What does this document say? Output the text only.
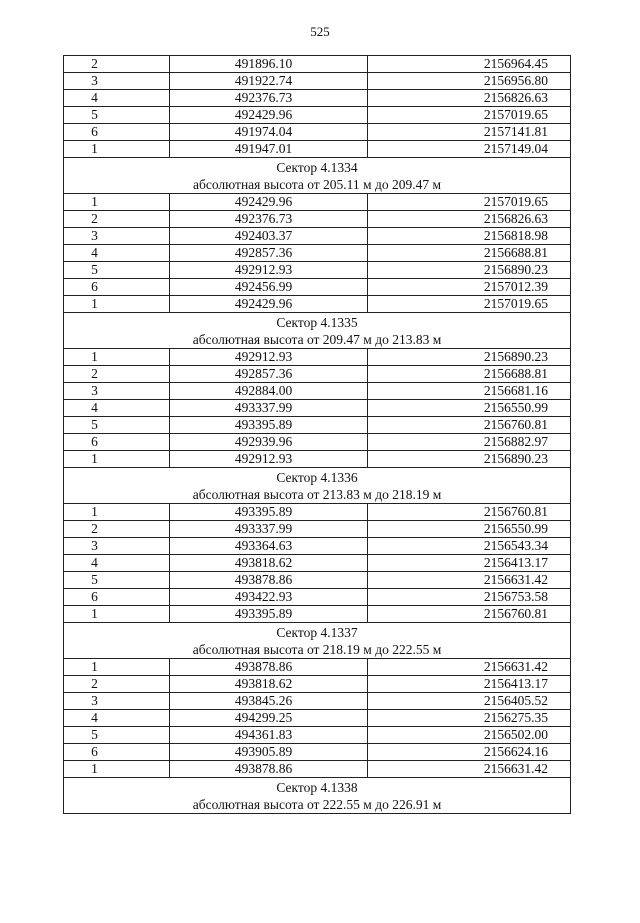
525
2	491896.10	2156964.45
3	491922.74	2156956.80
4	492376.73	2156826.63
5	492429.96	2157019.65
6	491974.04	2157141.81
1	491947.01	2157149.04

Сектор 4.1334
абсолютная высота от 205.11 м до 209.47 м		

1	492429.96	2157019.65
2	492376.73	2156826.63
3	492403.37	2156818.98
4	492857.36	2156688.81
5	492912.93	2156890.23
6	492456.99	2157012.39
1	492429.96	2157019.65

Сектор 4.1335
абсолютная высота от 209.47 м до 213.83 м		

1	492912.93	2156890.23
2	492857.36	2156688.81
3	492884.00	2156681.16
4	493337.99	2156550.99
5	493395.89	2156760.81
6	492939.96	2156882.97
1	492912.93	2156890.23

Сектор 4.1336
абсолютная высота от 213.83 м до 218.19 м		

1	493395.89	2156760.81
2	493337.99	2156550.99
3	493364.63	2156543.34
4	493818.62	2156413.17
5	493878.86	2156631.42
6	493422.93	2156753.58
1	493395.89	2156760.81

Сектор 4.1337
абсолютная высота от 218.19 м до 222.55 м		

1	493878.86	2156631.42
2	493818.62	2156413.17
3	493845.26	2156405.52
4	494299.25	2156275.35
5	494361.83	2156502.00
6	493905.89	2156624.16
1	493878.86	2156631.42

Сектор 4.1338
абсолютная высота от 222.55 м до 226.91 м		
